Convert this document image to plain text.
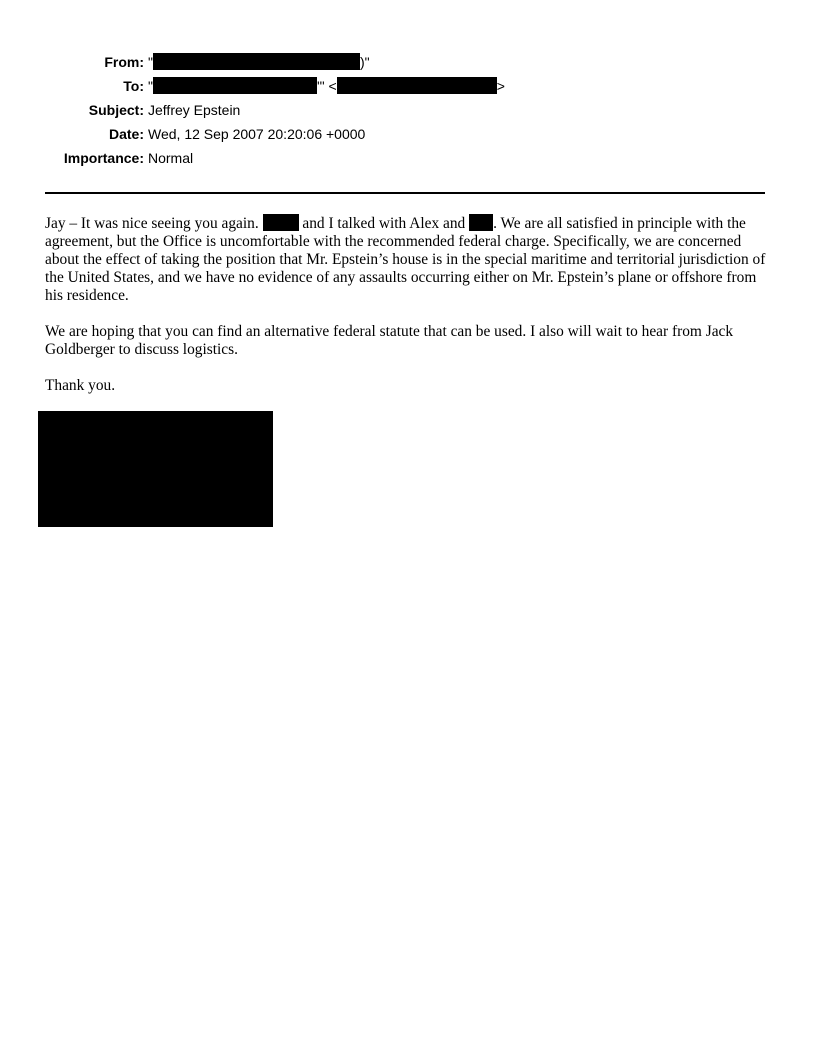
From: "	)"
To: "	'" <	>
Subject: Jeffrey Epstein
Date: Wed, 12 Sep 2007 20:20:06 +0000
Importance: Normal

Jay – It was nice seeing you again.  and I talked with Alex and . We are all satisfied in principle with the agreement, but the Office is uncomfortable with the recommended federal charge. Specifically, we are concerned about the effect of taking the position that Mr. Epstein’s house is in the special maritime and territorial jurisdiction of the United States, and we have no evidence of any assaults occurring either on Mr. Epstein’s plane or offshore from his residence.

We are hoping that you can find an alternative federal statute that can be used. I also will wait to hear from Jack Goldberger to discuss logistics.

Thank you.
